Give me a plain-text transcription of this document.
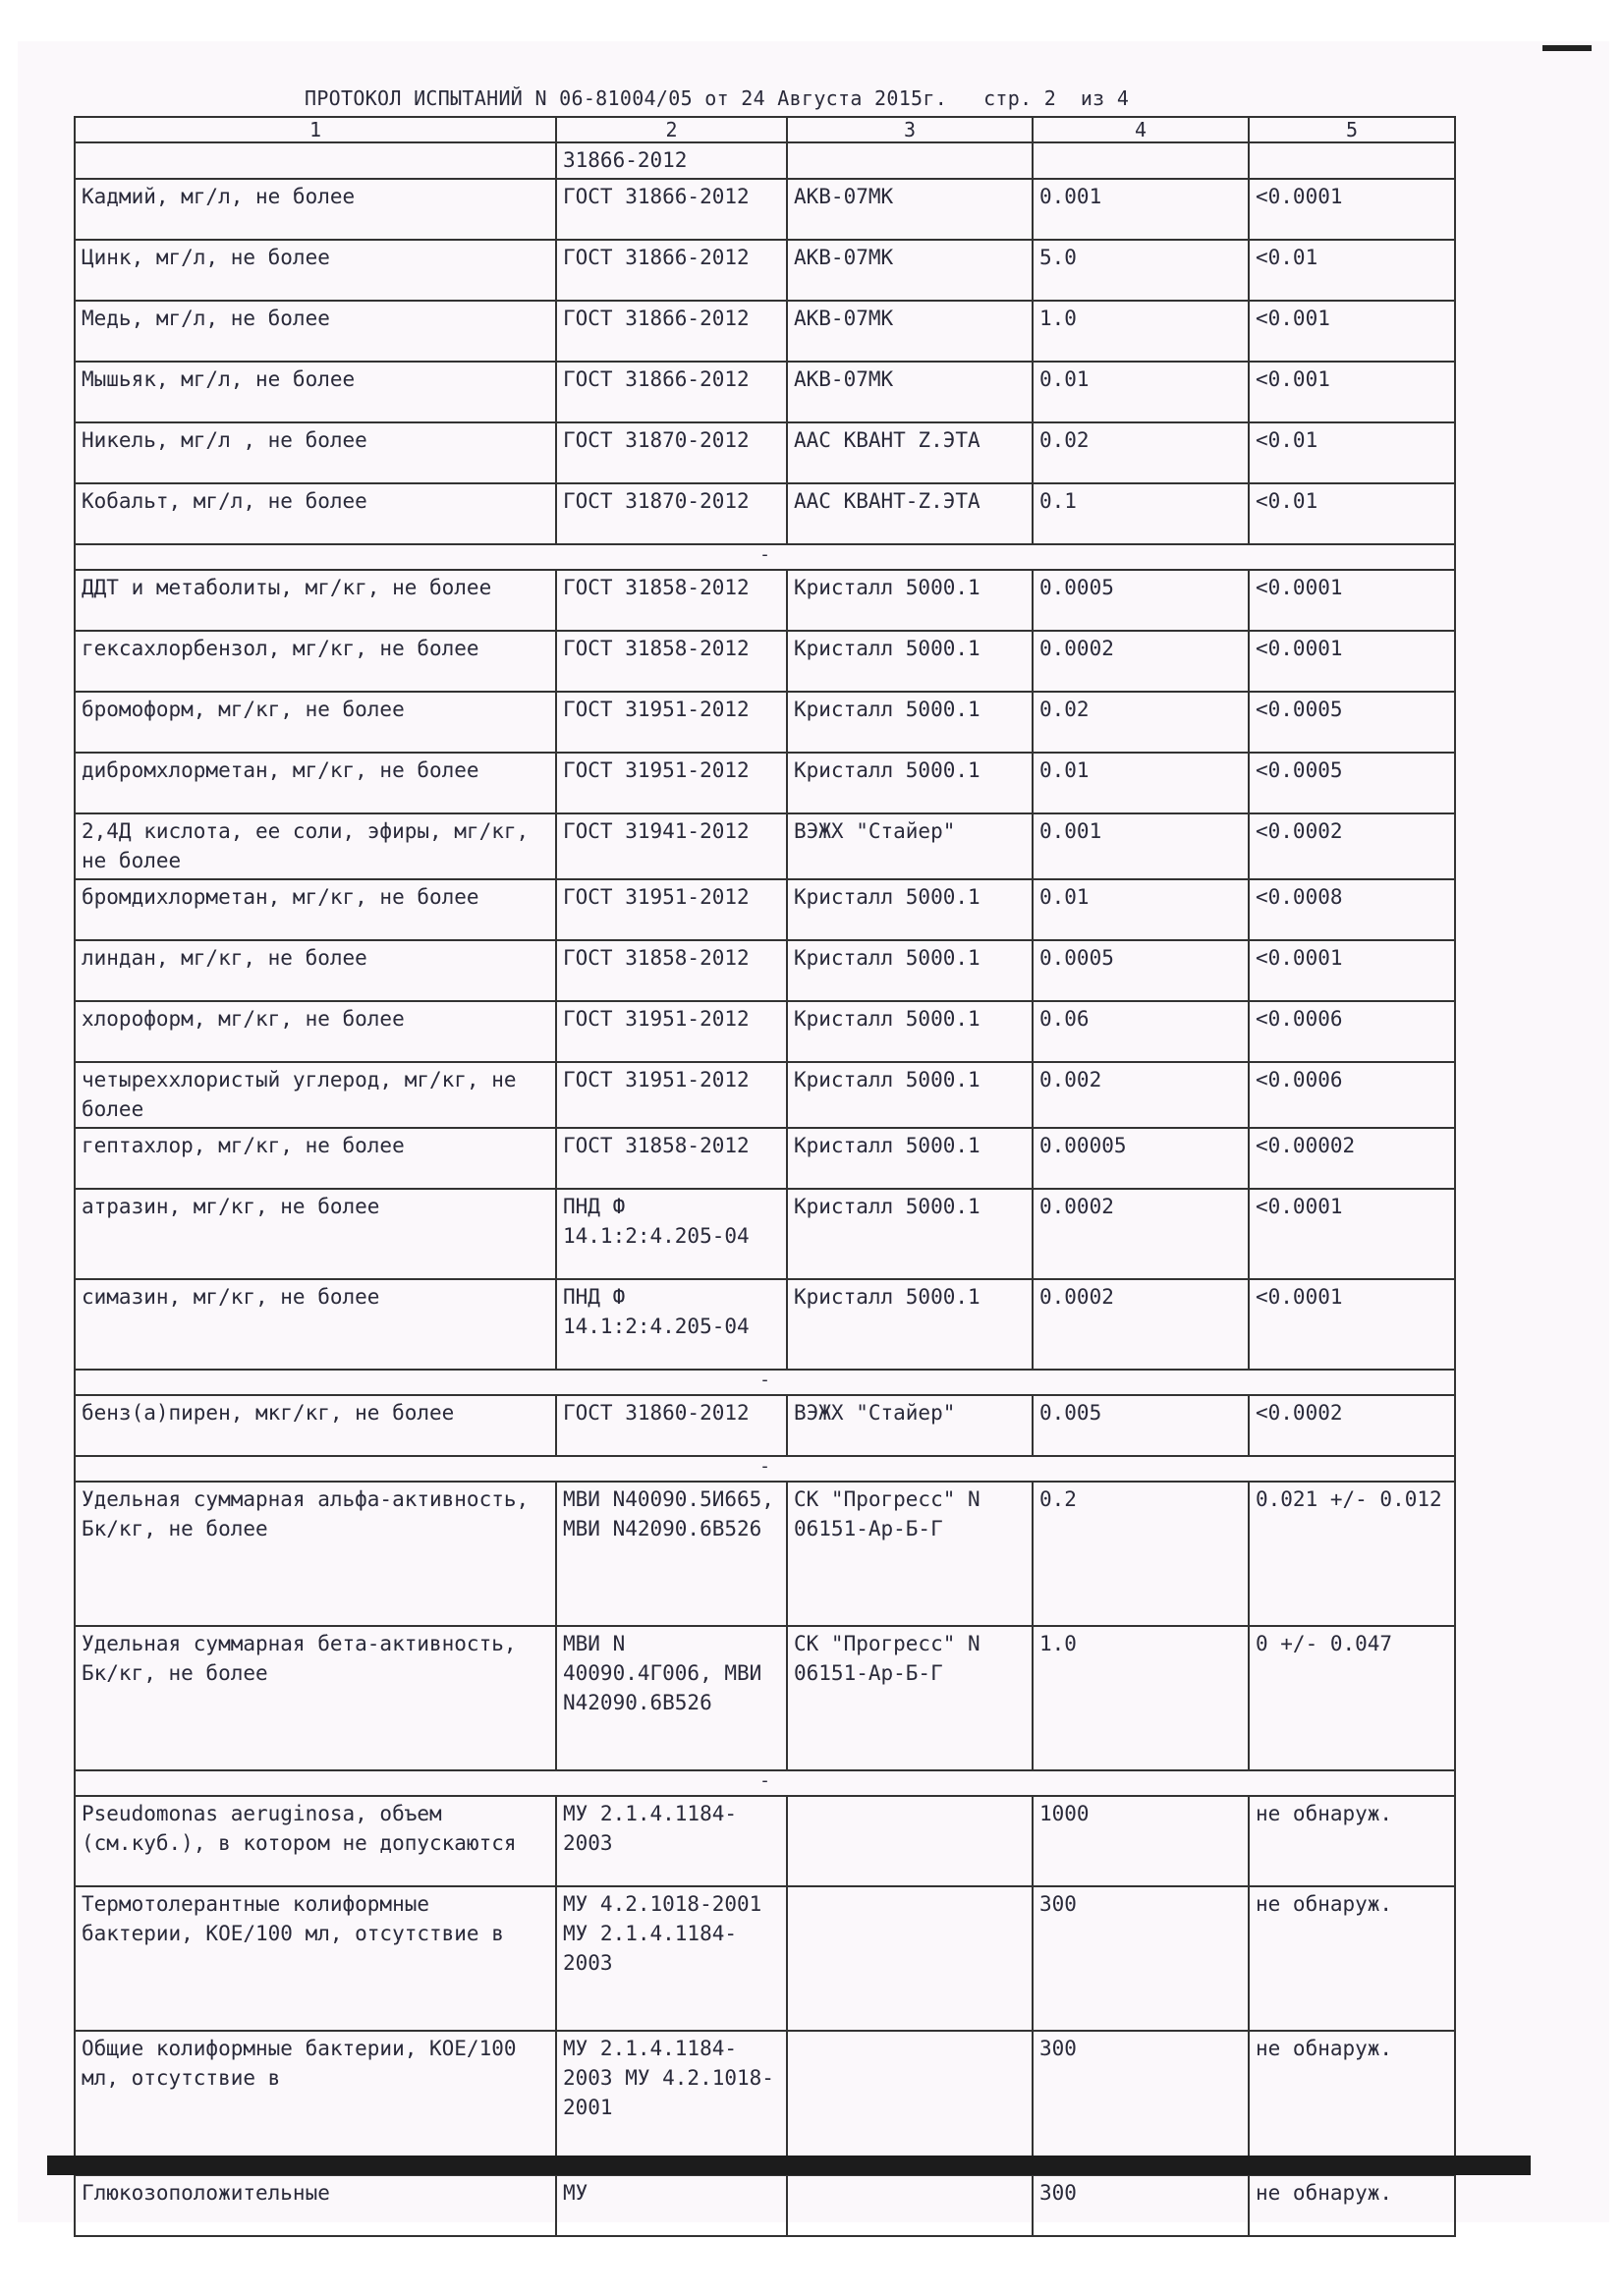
ПРОТОКОЛ ИСПЫТАНИЙ N 06-81004/05 от 24 Августа 2015г.   стр. 2  из 4
1	2	3	4	5
	31866-2012			
Кадмий, мг/л, не более	ГОСТ 31866-2012	АКВ-07МК	0.001	<0.0001
Цинк, мг/л, не более	ГОСТ 31866-2012	АКВ-07МК	5.0	<0.01
Медь, мг/л, не более	ГОСТ 31866-2012	АКВ-07МК	1.0	<0.001
Мышьяк, мг/л, не более	ГОСТ 31866-2012	АКВ-07МК	0.01	<0.001
Никель, мг/л , не более	ГОСТ 31870-2012	ААС КВАНТ Z.ЭТА	0.02	<0.01
Кобальт, мг/л, не более	ГОСТ 31870-2012	ААС КВАНТ-Z.ЭТА	0.1	<0.01
-				
ДДТ и метаболиты, мг/кг, не более	ГОСТ 31858-2012	Кристалл 5000.1	0.0005	<0.0001
гексахлорбензол, мг/кг, не более	ГОСТ 31858-2012	Кристалл 5000.1	0.0002	<0.0001
бромоформ, мг/кг, не более	ГОСТ 31951-2012	Кристалл 5000.1	0.02	<0.0005
дибромхлорметан, мг/кг, не более	ГОСТ 31951-2012	Кристалл 5000.1	0.01	<0.0005
2,4Д кислота, ее соли, эфиры, мг/кг, не более	ГОСТ 31941-2012	ВЭЖХ "Стайер"	0.001	<0.0002
бромдихлорметан, мг/кг, не более	ГОСТ 31951-2012	Кристалл 5000.1	0.01	<0.0008
линдан, мг/кг, не более	ГОСТ 31858-2012	Кристалл 5000.1	0.0005	<0.0001
хлороформ, мг/кг, не более	ГОСТ 31951-2012	Кристалл 5000.1	0.06	<0.0006
четыреххлористый углерод, мг/кг, не более	ГОСТ 31951-2012	Кристалл 5000.1	0.002	<0.0006
гептахлор, мг/кг, не более	ГОСТ 31858-2012	Кристалл 5000.1	0.00005	<0.00002
атразин, мг/кг, не более	ПНД Ф 14.1:2:4.205-04	Кристалл 5000.1	0.0002	<0.0001
симазин, мг/кг, не более	ПНД Ф 14.1:2:4.205-04	Кристалл 5000.1	0.0002	<0.0001
-				
бенз(а)пирен, мкг/кг, не более	ГОСТ 31860-2012	ВЭЖХ "Стайер"	0.005	<0.0002
-				
Удельная суммарная альфа-активность, Бк/кг, не более	МВИ N40090.5И665, МВИ N42090.6В526	СК "Прогресс" N 06151-Ар-Б-Г	0.2	0.021 +/- 0.012
Удельная суммарная бета-активность, Бк/кг, не более	МВИ N 40090.4Г006, МВИ N42090.6В526	СК "Прогресс" N 06151-Ар-Б-Г	1.0	0 +/- 0.047
-				
Pseudomonas aeruginosa, объем (см.куб.), в котором не допускаются	МУ 2.1.4.1184-2003		1000	не обнаруж.
Термотолерантные колиформные бактерии, КОЕ/100 мл, отсутствие в	МУ 4.2.1018-2001 МУ 2.1.4.1184-2003		300	не обнаруж.
Общие колиформные бактерии, КОЕ/100 мл, отсутствие в	МУ 2.1.4.1184-2003 МУ 4.2.1018-2001		300	не обнаруж.
Глюкозоположительные	МУ		300	не обнаруж.
